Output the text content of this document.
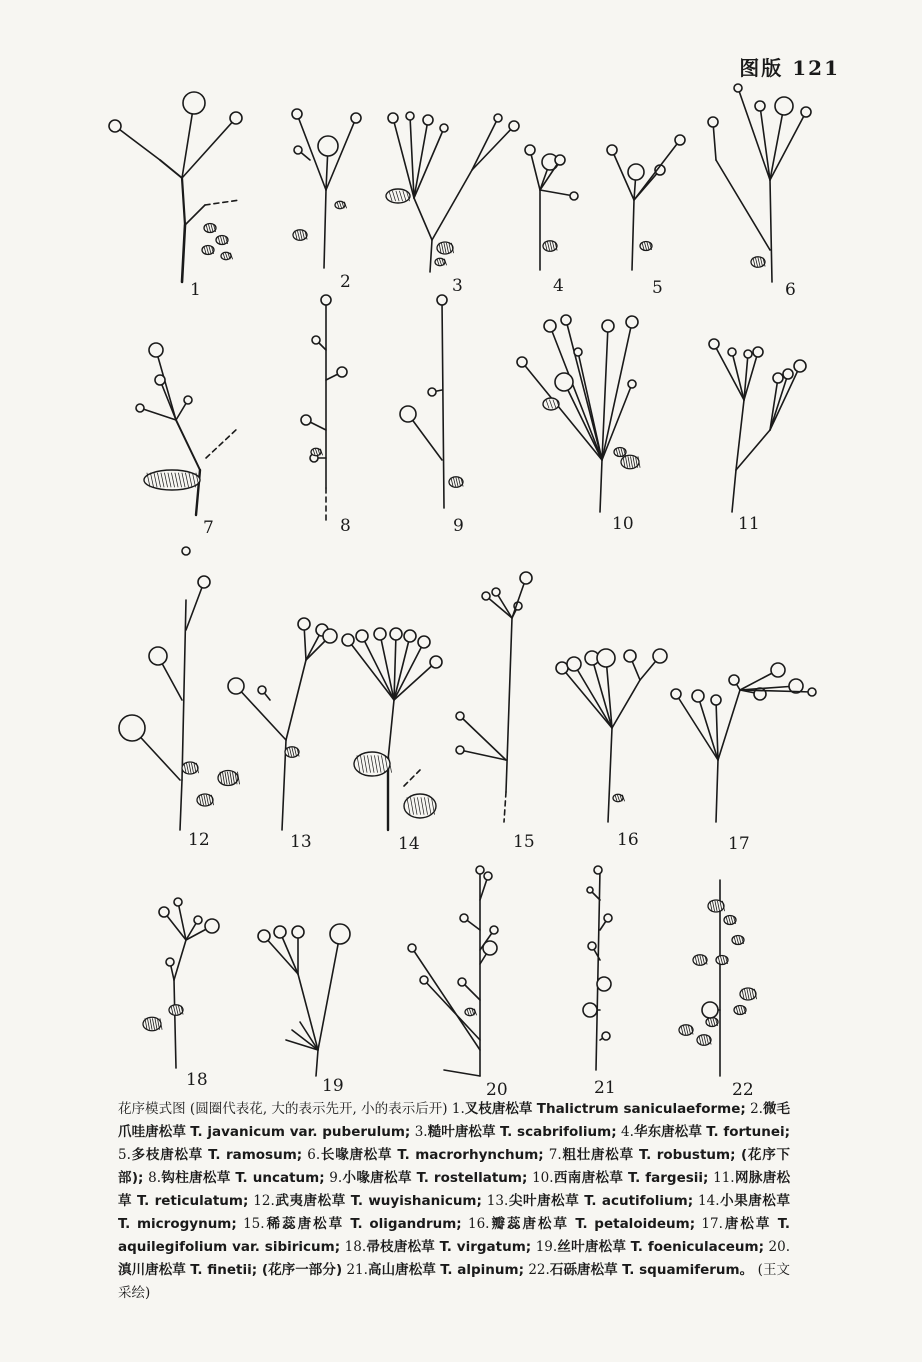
图版 121
1	2	3	4	5	6
7	8	9	10	11
12	13	14	15	16	17
18	19	20	21	22
花序模式图 (圆圈代表花, 大的表示先开, 小的表示后开) 1.叉枝唐松草 Thalictrum saniculaeforme; 2.微毛爪哇唐松草 T. javanicum var. puberulum; 3.糙叶唐松草 T. scabrifolium; 4.华东唐松草 T. fortunei; 5.多枝唐松草 T. ramosum; 6.长喙唐松草 T. macrorhynchum; 7.粗壮唐松草 T. robustum; (花序下部); 8.钩柱唐松草 T. uncatum; 9.小喙唐松草 T. rostellatum; 10.西南唐松草 T. fargesii; 11.网脉唐松草 T. reticulatum; 12.武夷唐松草 T. wuyishanicum; 13.尖叶唐松草 T. acutifolium; 14.小果唐松草 T. microgynum; 15.稀蕊唐松草 T. oligandrum; 16.瓣蕊唐松草 T. petaloideum; 17.唐松草 T. aquilegifolium var. sibiricum; 18.帚枝唐松草 T. virgatum; 19.丝叶唐松草 T. foeniculaceum; 20.滇川唐松草 T. finetii; (花序一部分) 21.高山唐松草 T. alpinum; 22.石砾唐松草 T. squamiferum。 (王文采绘)
